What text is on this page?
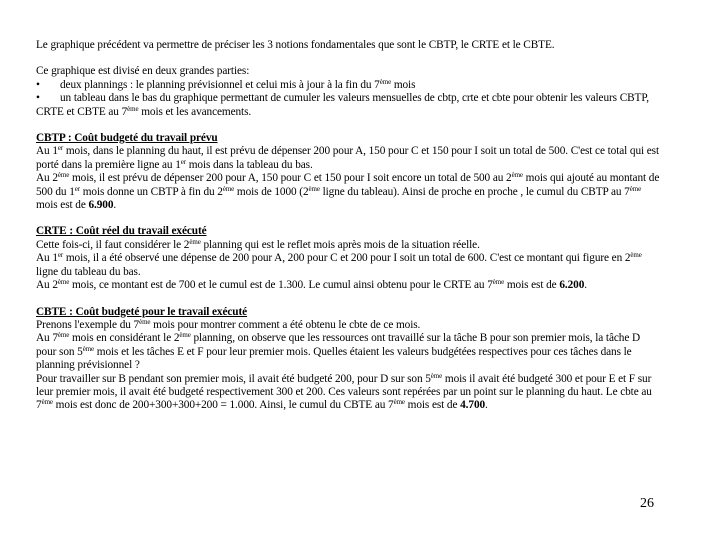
Le graphique précédent va permettre de préciser les 3 notions fondamentales que sont le CBTP, le CRTE et le CBTE.

Ce graphique est divisé en deux grandes parties:

• deux plannings : le planning prévisionnel et celui mis à jour à la fin du 7ème mois
• un tableau dans le bas du graphique permettant de cumuler les valeurs mensuelles de cbtp, crte et cbte pour obtenir les valeurs CBTP, CRTE et CBTE au 7ème mois et les avancements.

CBTP : Coût budgeté du travail prévu

Au 1er mois, dans le planning du haut, il est prévu de dépenser 200 pour A, 150 pour C et 150 pour I soit un total de 500. C'est ce total qui est porté dans la première ligne au 1er mois dans la tableau du bas.

Au 2ème mois, il est prévu de dépenser 200 pour A, 150 pour C et 150 pour I soit encore un total de 500 au 2ème mois qui ajouté au montant de 500 du 1er mois donne un CBTP à fin du 2ème mois de 1000 (2ème ligne du tableau). Ainsi de proche en proche , le cumul du CBTP au 7ème mois est de 6.900.

CRTE : Coût réel du travail exécuté

Cette fois-ci, il faut considérer le 2ème planning qui est le reflet mois après mois de la situation réelle.

Au 1er mois, il a été observé une dépense de 200 pour A, 200 pour C et 200 pour I soit un total de 600. C'est ce montant qui figure en 2ème ligne du tableau du bas.

Au 2ème mois, ce montant est de 700 et le cumul est de 1.300. Le cumul ainsi obtenu pour le CRTE au 7ème mois est de 6.200.

CBTE : Coût budgeté pour le travail exécuté

Prenons l'exemple du 7ème mois pour montrer comment a été obtenu le cbte de ce mois.

Au 7ème mois en considérant le 2ème planning, on observe que les ressources ont travaillé sur la tâche B pour son premier mois, la tâche D pour son 5ème mois et les tâches E et F pour leur premier mois. Quelles étaient les valeurs budgétées respectives pour ces tâches dans le planning prévisionnel ?

Pour travailler sur B pendant son premier mois, il avait été budgeté 200, pour D sur son 5ème mois il avait été budgeté 300 et pour E et F sur leur premier mois, il avait été budgeté respectivement 300 et 200. Ces valeurs sont repérées par un point sur le planning du haut. Le cbte au 7ème mois est donc de 200+300+300+200 = 1.000. Ainsi, le cumul du CBTE au 7ème mois est de 4.700.

26
